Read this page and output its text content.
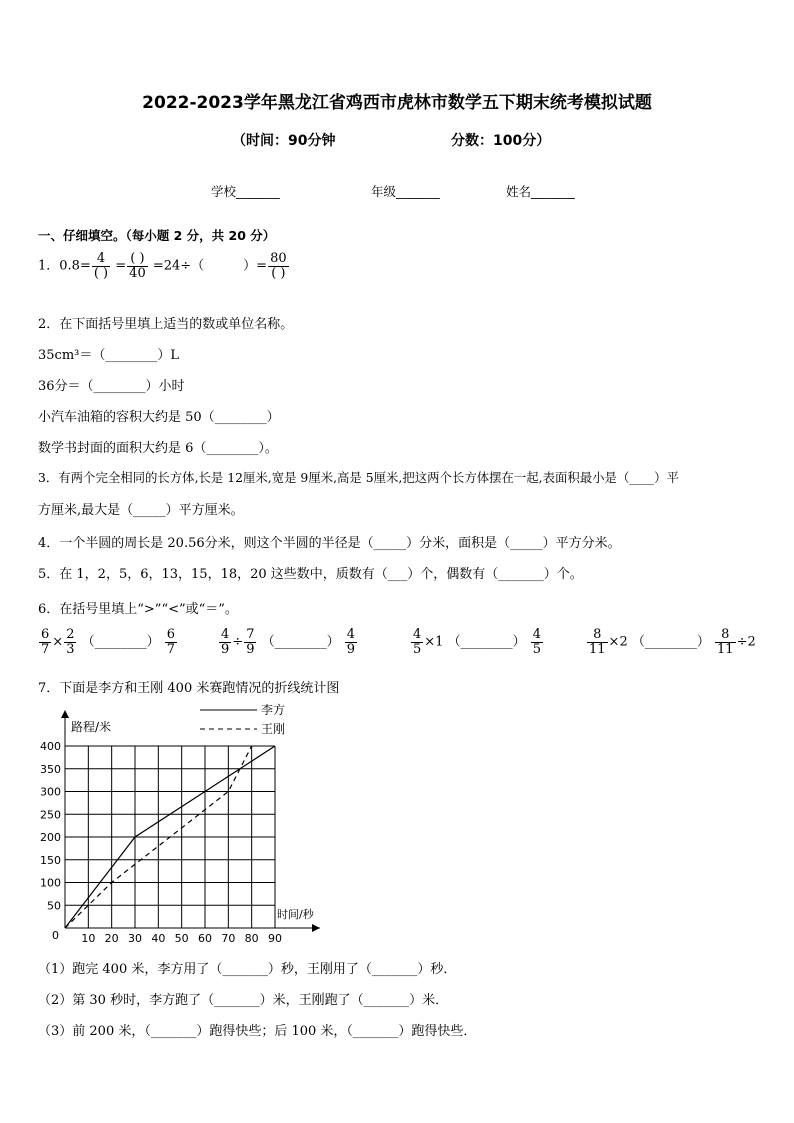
2022-2023学年黑龙江省鸡西市虎林市数学五下期末统考模拟试题
（时间：90分钟	分数：100分）
学校_______	年级_______	姓名_______
一、仔细填空。（每小题 2 分，共 20 分）
1．$0.8= \frac{4}{( )} = \frac{( )}{40} =24\div$（　　　）= $\frac{80}{( )}$
2．在下面括号里填上适当的数或单位名称。
35cm³＝（________）L
36分＝（________）小时
小汽车油箱的容积大约是 50（________）
数学书封面的面积大约是 6（________）。
3．有两个完全相同的长方体,长是 12厘米,宽是 9厘米,高是 5厘米,把这两个长方体摆在一起,表面积最小是（____）平
方厘米,最大是（_____）平方厘米。
4．一个半圆的周长是 20.56分米，则这个半圆的半径是（_____）分米，面积是（_____）平方分米。
5．在 1，2，5，6，13，15，18，20 这些数中，质数有（___）个，偶数有（_______）个。
6．在括号里填上“>”“<”或“＝”。
$\frac{6}{7} \times \frac{2}{3}$ （________） $\frac{6}{7}$	$\frac{4}{9} \div \frac{7}{9}$ （________） $\frac{4}{9}$	$\frac{4}{5} \times 1$ （________） $\frac{4}{5}$	$\frac{8}{11} \times 2$ （________） $\frac{8}{11} \div 2$
7．下面是李方和王刚 400 米赛跑情况的折线统计图
10 20 30 40 50 60 70 80 90
50
100
150
200
250
300
350
400
0
路程/米
时间/秒
李方
王刚
（1）跑完 400 米，李方用了（_______）秒，王刚用了（_______）秒．
（2）第 30 秒时，李方跑了（_______）米，王刚跑了（_______）米．
（3）前 200 米，（_______）跑得快些；后 100 米，（_______）跑得快些．
